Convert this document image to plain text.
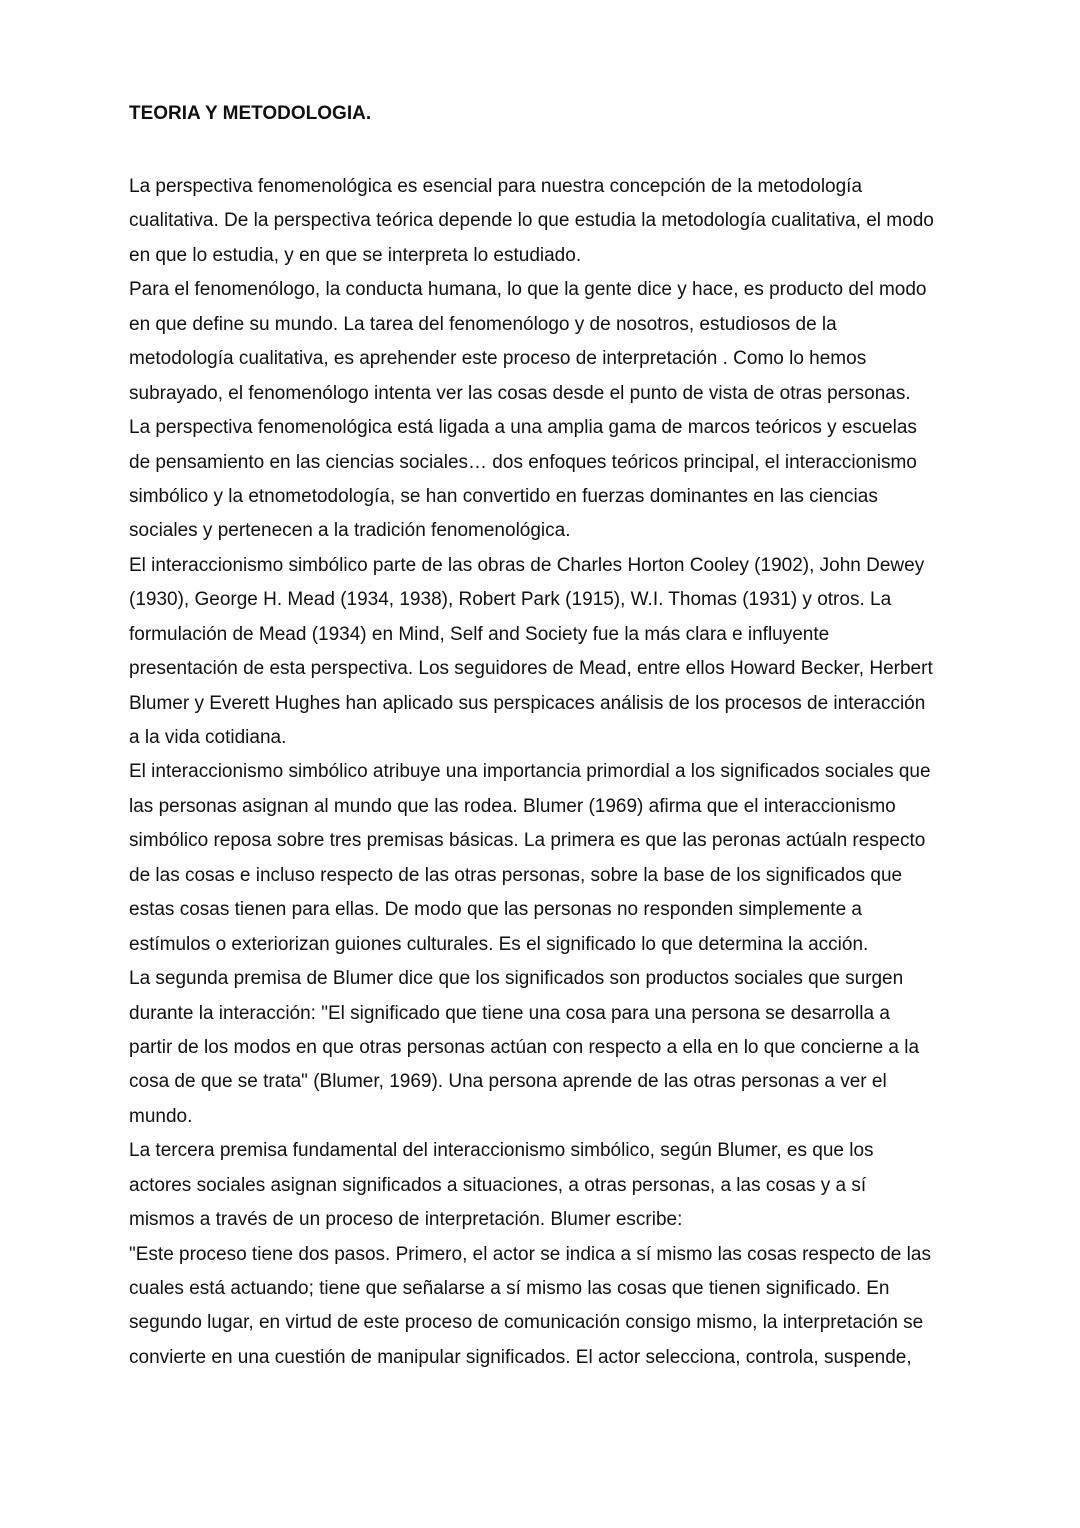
TEORIA Y METODOLOGIA.
La perspectiva fenomenológica es esencial para nuestra concepción de la metodología
cualitativa. De la perspectiva teórica depende lo que estudia la metodología cualitativa, el modo
en que lo estudia, y en que se interpreta lo estudiado.
Para el fenomenólogo, la conducta humana, lo que la gente dice y hace, es producto del modo
en que define su mundo. La tarea del fenomenólogo y de nosotros, estudiosos de la
metodología cualitativa, es aprehender este proceso de interpretación . Como lo hemos
subrayado, el fenomenólogo intenta ver las cosas desde el punto de vista de otras personas.
La perspectiva fenomenológica está ligada a una amplia gama de marcos teóricos y escuelas
de pensamiento en las ciencias sociales… dos enfoques teóricos principal, el interaccionismo
simbólico y la etnometodología, se han convertido en fuerzas dominantes en las ciencias
sociales y pertenecen a la tradición fenomenológica.
El interaccionismo simbólico parte de las obras de Charles Horton Cooley (1902), John Dewey
(1930), George H. Mead (1934, 1938), Robert Park (1915), W.I. Thomas (1931) y otros. La
formulación de Mead (1934) en Mind, Self and Society fue la más clara e influyente
presentación de esta perspectiva. Los seguidores de Mead, entre ellos Howard Becker, Herbert
Blumer y Everett Hughes han aplicado sus perspicaces análisis de los procesos de interacción
a la vida cotidiana.
El interaccionismo simbólico atribuye una importancia primordial a los significados sociales que
las personas asignan al mundo que las rodea. Blumer (1969) afirma que el interaccionismo
simbólico reposa sobre tres premisas básicas. La primera es que las peronas actúaln respecto
de las cosas e incluso respecto de las otras personas, sobre la base de los significados que
estas cosas tienen para ellas. De modo que las personas no responden simplemente a
estímulos o exteriorizan guiones culturales. Es el significado lo que determina la acción.
La segunda premisa de Blumer dice que los significados son productos sociales que surgen
durante la interacción: "El significado que tiene una cosa para una persona se desarrolla a
partir de los modos en que otras personas actúan con respecto a ella en lo que concierne a la
cosa de que se trata" (Blumer, 1969). Una persona aprende de las otras personas a ver el
mundo.
La tercera premisa fundamental del interaccionismo simbólico, según Blumer, es que los
actores sociales asignan significados a situaciones, a otras personas, a las cosas y a sí
mismos a través de un proceso de interpretación. Blumer escribe:
"Este proceso tiene dos pasos. Primero, el actor se indica a sí mismo las cosas respecto de las
cuales está actuando; tiene que señalarse a sí mismo las cosas que tienen significado. En
segundo lugar, en virtud de este proceso de comunicación consigo mismo, la interpretación se
convierte en una cuestión de manipular significados. El actor selecciona, controla, suspende,
